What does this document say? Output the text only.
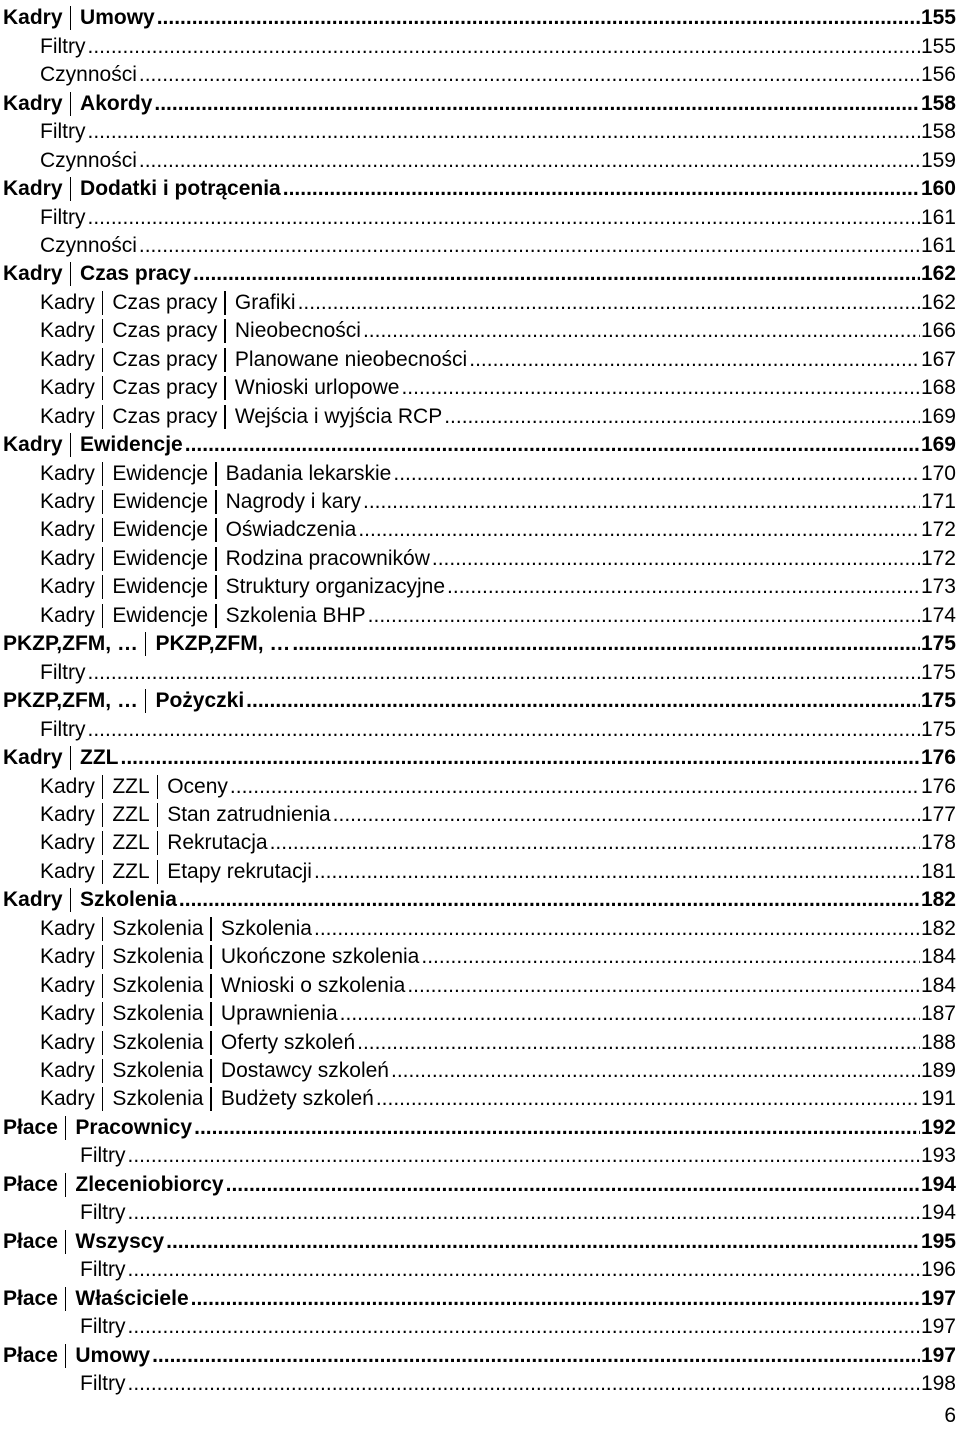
Kadry Umowy .....	155
Filtry .....	155
Czynności .....	156
Kadry Akordy .....	158
Filtry .....	158
Czynności .....	159
Kadry Dodatki i potrącenia .....	160
Filtry .....	161
Czynności .....	161
Kadry Czas pracy .....	162
Kadry Czas pracy Grafiki .....	162
Kadry Czas pracy Nieobecności .....	166
Kadry Czas pracy Planowane nieobecności .....	167
Kadry Czas pracy Wnioski urlopowe .....	168
Kadry Czas pracy Wejścia i wyjścia RCP .....	169
Kadry Ewidencje .....	169
Kadry Ewidencje Badania lekarskie .....	170
Kadry Ewidencje Nagrody i kary .....	171
Kadry Ewidencje Oświadczenia .....	172
Kadry Ewidencje Rodzina pracowników .....	172
Kadry Ewidencje Struktury organizacyjne .....	173
Kadry Ewidencje Szkolenia BHP .....	174
PKZP,ZFM, … PKZP,ZFM, … .....	175
Filtry .....	175
PKZP,ZFM, … Pożyczki .....	175
Filtry .....	175
Kadry ZZL .....	176
Kadry ZZL Oceny .....	176
Kadry ZZL Stan zatrudnienia .....	177
Kadry ZZL Rekrutacja .....	178
Kadry ZZL Etapy rekrutacji .....	181
Kadry Szkolenia .....	182
Kadry Szkolenia Szkolenia .....	182
Kadry Szkolenia Ukończone szkolenia .....	184
Kadry Szkolenia Wnioski o szkolenia .....	184
Kadry Szkolenia Uprawnienia .....	187
Kadry Szkolenia Oferty szkoleń .....	188
Kadry Szkolenia Dostawcy szkoleń .....	189
Kadry Szkolenia Budżety szkoleń .....	191
Płace Pracownicy .....	192
Filtry .....	193
Płace Zleceniobiorcy .....	194
Filtry .....	194
Płace Wszyscy .....	195
Filtry .....	196
Płace Właściciele .....	197
Filtry .....	197
Płace Umowy .....	197
Filtry .....	198
6
